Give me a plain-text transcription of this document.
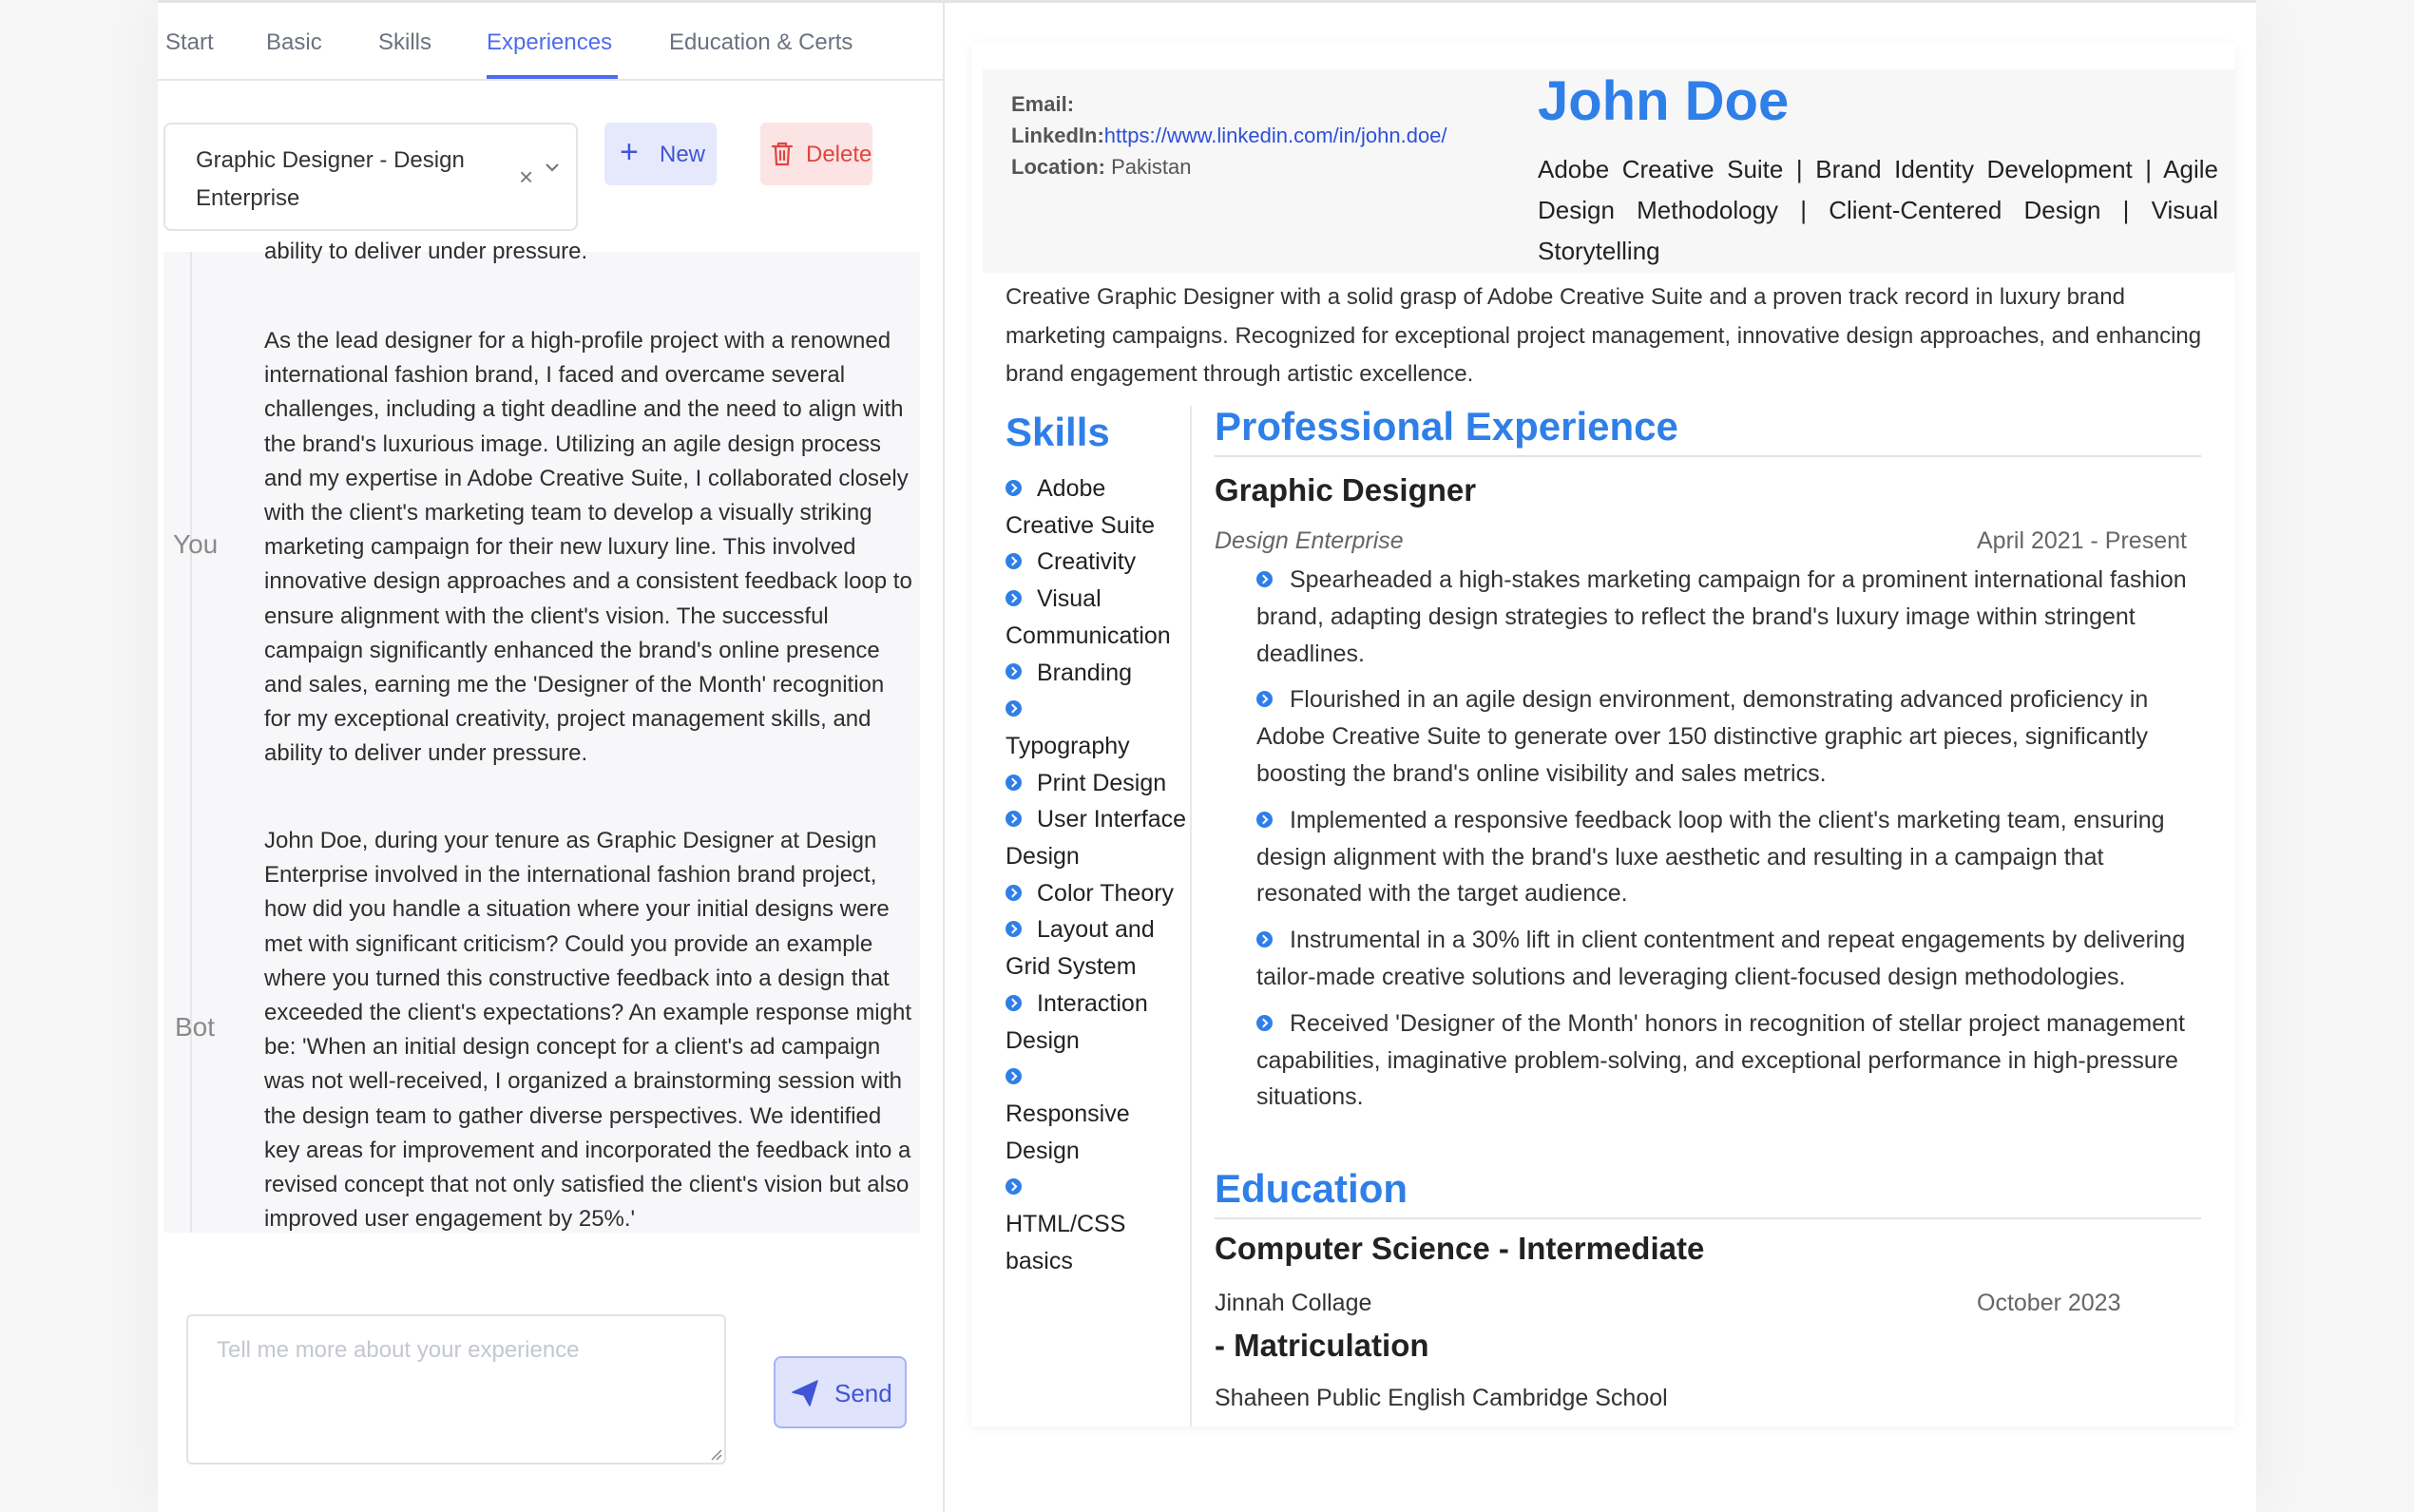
Start Basic Skills Experiences Education & Certs
Graphic Designer - Design Enterprise
×
+ New	Delete
ability to deliver under pressure.
You
As the lead designer for a high-profile project with a renowned international fashion brand, I faced and overcame several challenges, including a tight deadline and the need to align with the brand's luxurious image. Utilizing an agile design process and my expertise in Adobe Creative Suite, I collaborated closely with the client's marketing team to develop a visually striking marketing campaign for their new luxury line. This involved innovative design approaches and a consistent feedback loop to ensure alignment with the client's vision. The successful campaign significantly enhanced the brand's online presence and sales, earning me the 'Designer of the Month' recognition for my exceptional creativity, project management skills, and ability to deliver under pressure.
Bot
John Doe, during your tenure as Graphic Designer at Design Enterprise involved in the international fashion brand project, how did you handle a situation where your initial designs were met with significant criticism? Could you provide an example where you turned this constructive feedback into a design that exceeded the client's expectations? An example response might be: 'When an initial design concept for a client's ad campaign was not well-received, I organized a brainstorming session with the design team to gather diverse perspectives. We identified key areas for improvement and incorporated the feedback into a revised concept that not only satisfied the client's vision but also improved user engagement by 25%.'
Tell me more about your experience
Send
Email:
LinkedIn:https://www.linkedin.com/in/john.doe/
Location: Pakistan
John Doe
Adobe Creative Suite | Brand Identity Development | Agile Design Methodology | Client-Centered Design | Visual Storytelling
Creative Graphic Designer with a solid grasp of Adobe Creative Suite and a proven track record in luxury brand marketing campaigns. Recognized for exceptional project management, innovative design approaches, and enhancing brand engagement through artistic excellence.
Skills
Adobe Creative Suite
Creativity
Visual Communication
Branding

Typography
Print Design
User Interface Design
Color Theory
Layout and Grid System
Interaction Design

Responsive Design

HTML/CSS basics
Professional Experience
Graphic Designer
Design Enterprise	April 2021 - Present
Spearheaded a high-stakes marketing campaign for a prominent international fashion brand, adapting design strategies to reflect the brand's luxury image within stringent deadlines.
Flourished in an agile design environment, demonstrating advanced proficiency in Adobe Creative Suite to generate over 150 distinctive graphic art pieces, significantly boosting the brand's online visibility and sales metrics.
Implemented a responsive feedback loop with the client's marketing team, ensuring design alignment with the brand's luxe aesthetic and resulting in a campaign that resonated with the target audience.
Instrumental in a 30% lift in client contentment and repeat engagements by delivering tailor-made creative solutions and leveraging client-focused design methodologies.
Received 'Designer of the Month' honors in recognition of stellar project management capabilities, imaginative problem-solving, and exceptional performance in high-pressure situations.
Education
Computer Science - Intermediate
Jinnah Collage	October 2023
- Matriculation
Shaheen Public English Cambridge School
